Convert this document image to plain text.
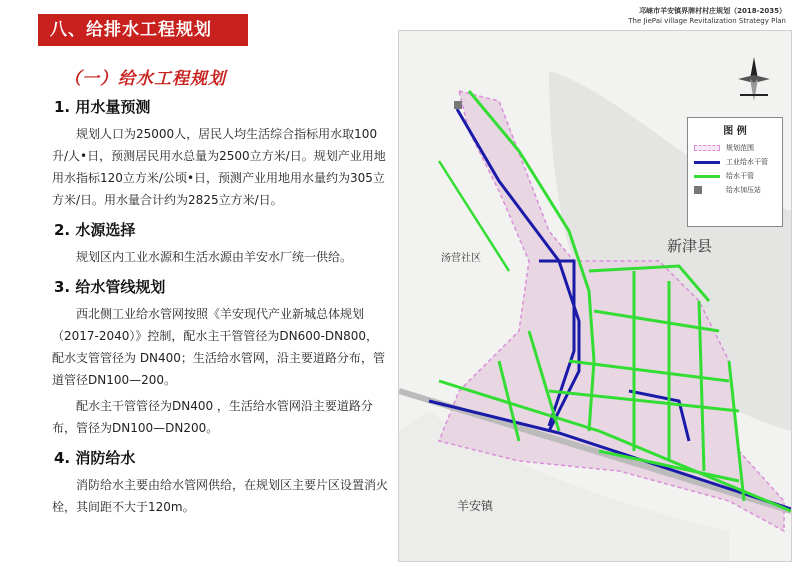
八、给排水工程规划
邛崃市羊安镇界牌村村庄规划（2018-2035）
The JiePai village Revitalization Strategy Plan
（一）给水工程规划
1. 用水量预测
规划人口为25000人，居民人均生活综合指标用水取100升/人•日，预测居民用水总量为2500立方米/日。规划产业用地用水指标120立方米/公顷•日，预测产业用地用水量约为305立方米/日。用水量合计约为2825立方米/日。
2. 水源选择
规划区内工业水源和生活水源由羊安水厂统一供给。
3. 给水管线规划
西北侧工业给水管网按照《羊安现代产业新城总体规划（2017-2040）》控制，配水主干管管径为DN600-DN800，配水支管管径为 DN400；生活给水管网，沿主要道路分布，管道管径DN100—200。
配水主干管管径为DN400 ，生活给水管网沿主要道路分布，管径为DN100—DN200。
4. 消防给水
消防给水主要由给水管网供给，在规划区主要片区设置消火栓，其间距不大于120m。
图 例
规划范围
工业给水干管
给水干管
给水加压站
新津县
汤营社区
羊安镇
